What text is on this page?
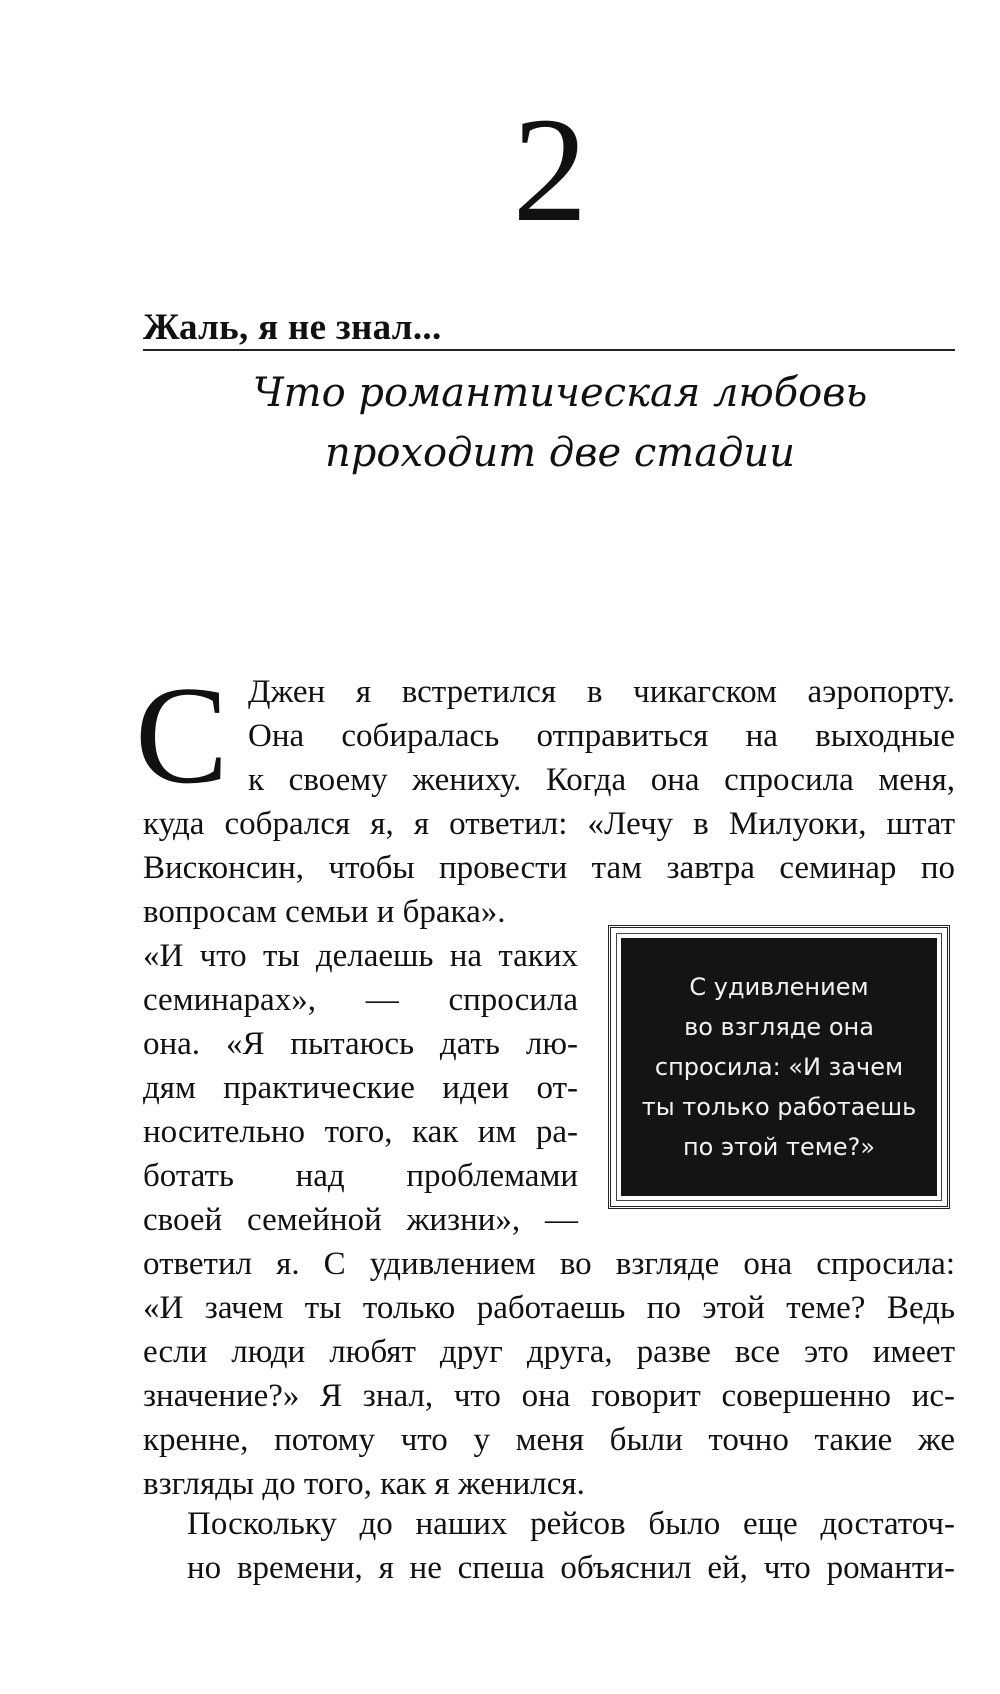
2
Жаль, я не знал...
Что романтическая любовь
проходит две стадии
С Джен я встретился в чикагском аэропорту.
Она собиралась отправиться на выходные
к своему жениху. Когда она спросила меня,
куда собрался я, я ответил: «Лечу в Милуоки, штат
Висконсин, чтобы провести там завтра семинар по
вопросам семьи и брака».
«И что ты делаешь на таких
семинарах», — спросила
она. «Я пытаюсь дать лю-
дям практические идеи от-
носительно того, как им ра-
ботать над проблемами
своей семейной жизни», —
ответил я. С удивлением во взгляде она спросила:
«И зачем ты только работаешь по этой теме? Ведь
если люди любят друг друга, разве все это имеет
значение?» Я знал, что она говорит совершенно ис-
кренне, потому что у меня были точно такие же
взгляды до того, как я женился.
С удивлением
во взгляде она
спросила: «И зачем
ты только работаешь
по этой теме?»
Поскольку до наших рейсов было еще достаточ-
но времени, я не спеша объяснил ей, что романти-
